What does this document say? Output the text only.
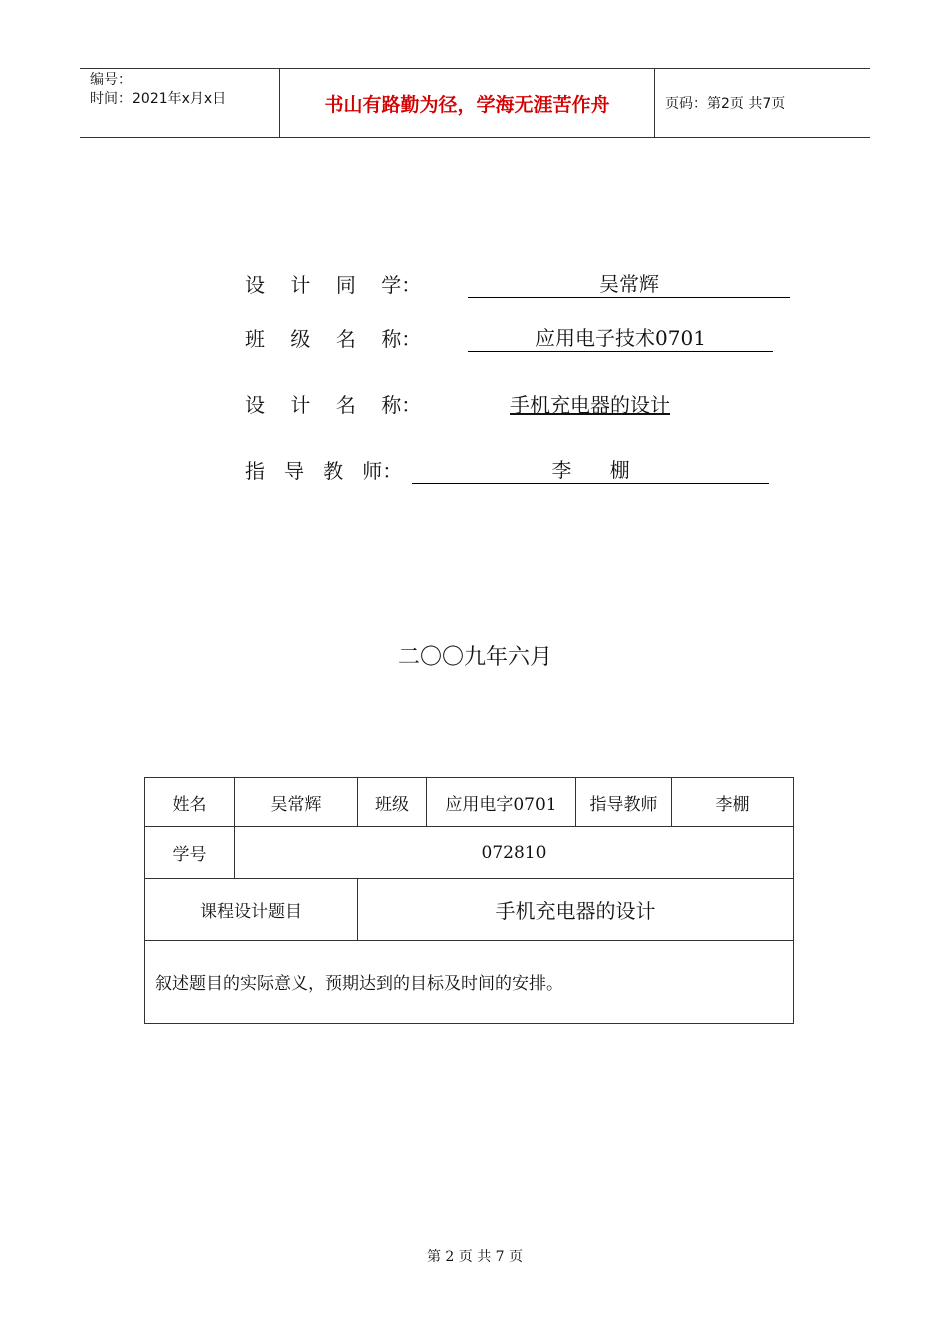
编号：
时间：2021年x月x日	书山有路勤为径，学海无涯苦作舟	页码：第2页 共7页
设    计    同    学：	吴常辉
班    级    名    称：	应用电子技术0701
设    计    名    称：	手机充电器的设计
指   导   教   师：	李      棚
二〇〇九年六月
姓名	吴常辉	班级	应用电字0701	指导教师	李棚
学号	072810				
课程设计题目		手机充电器的设计			
叙述题目的实际意义，预期达到的目标及时间的安排。					
第 2 页 共 7 页
